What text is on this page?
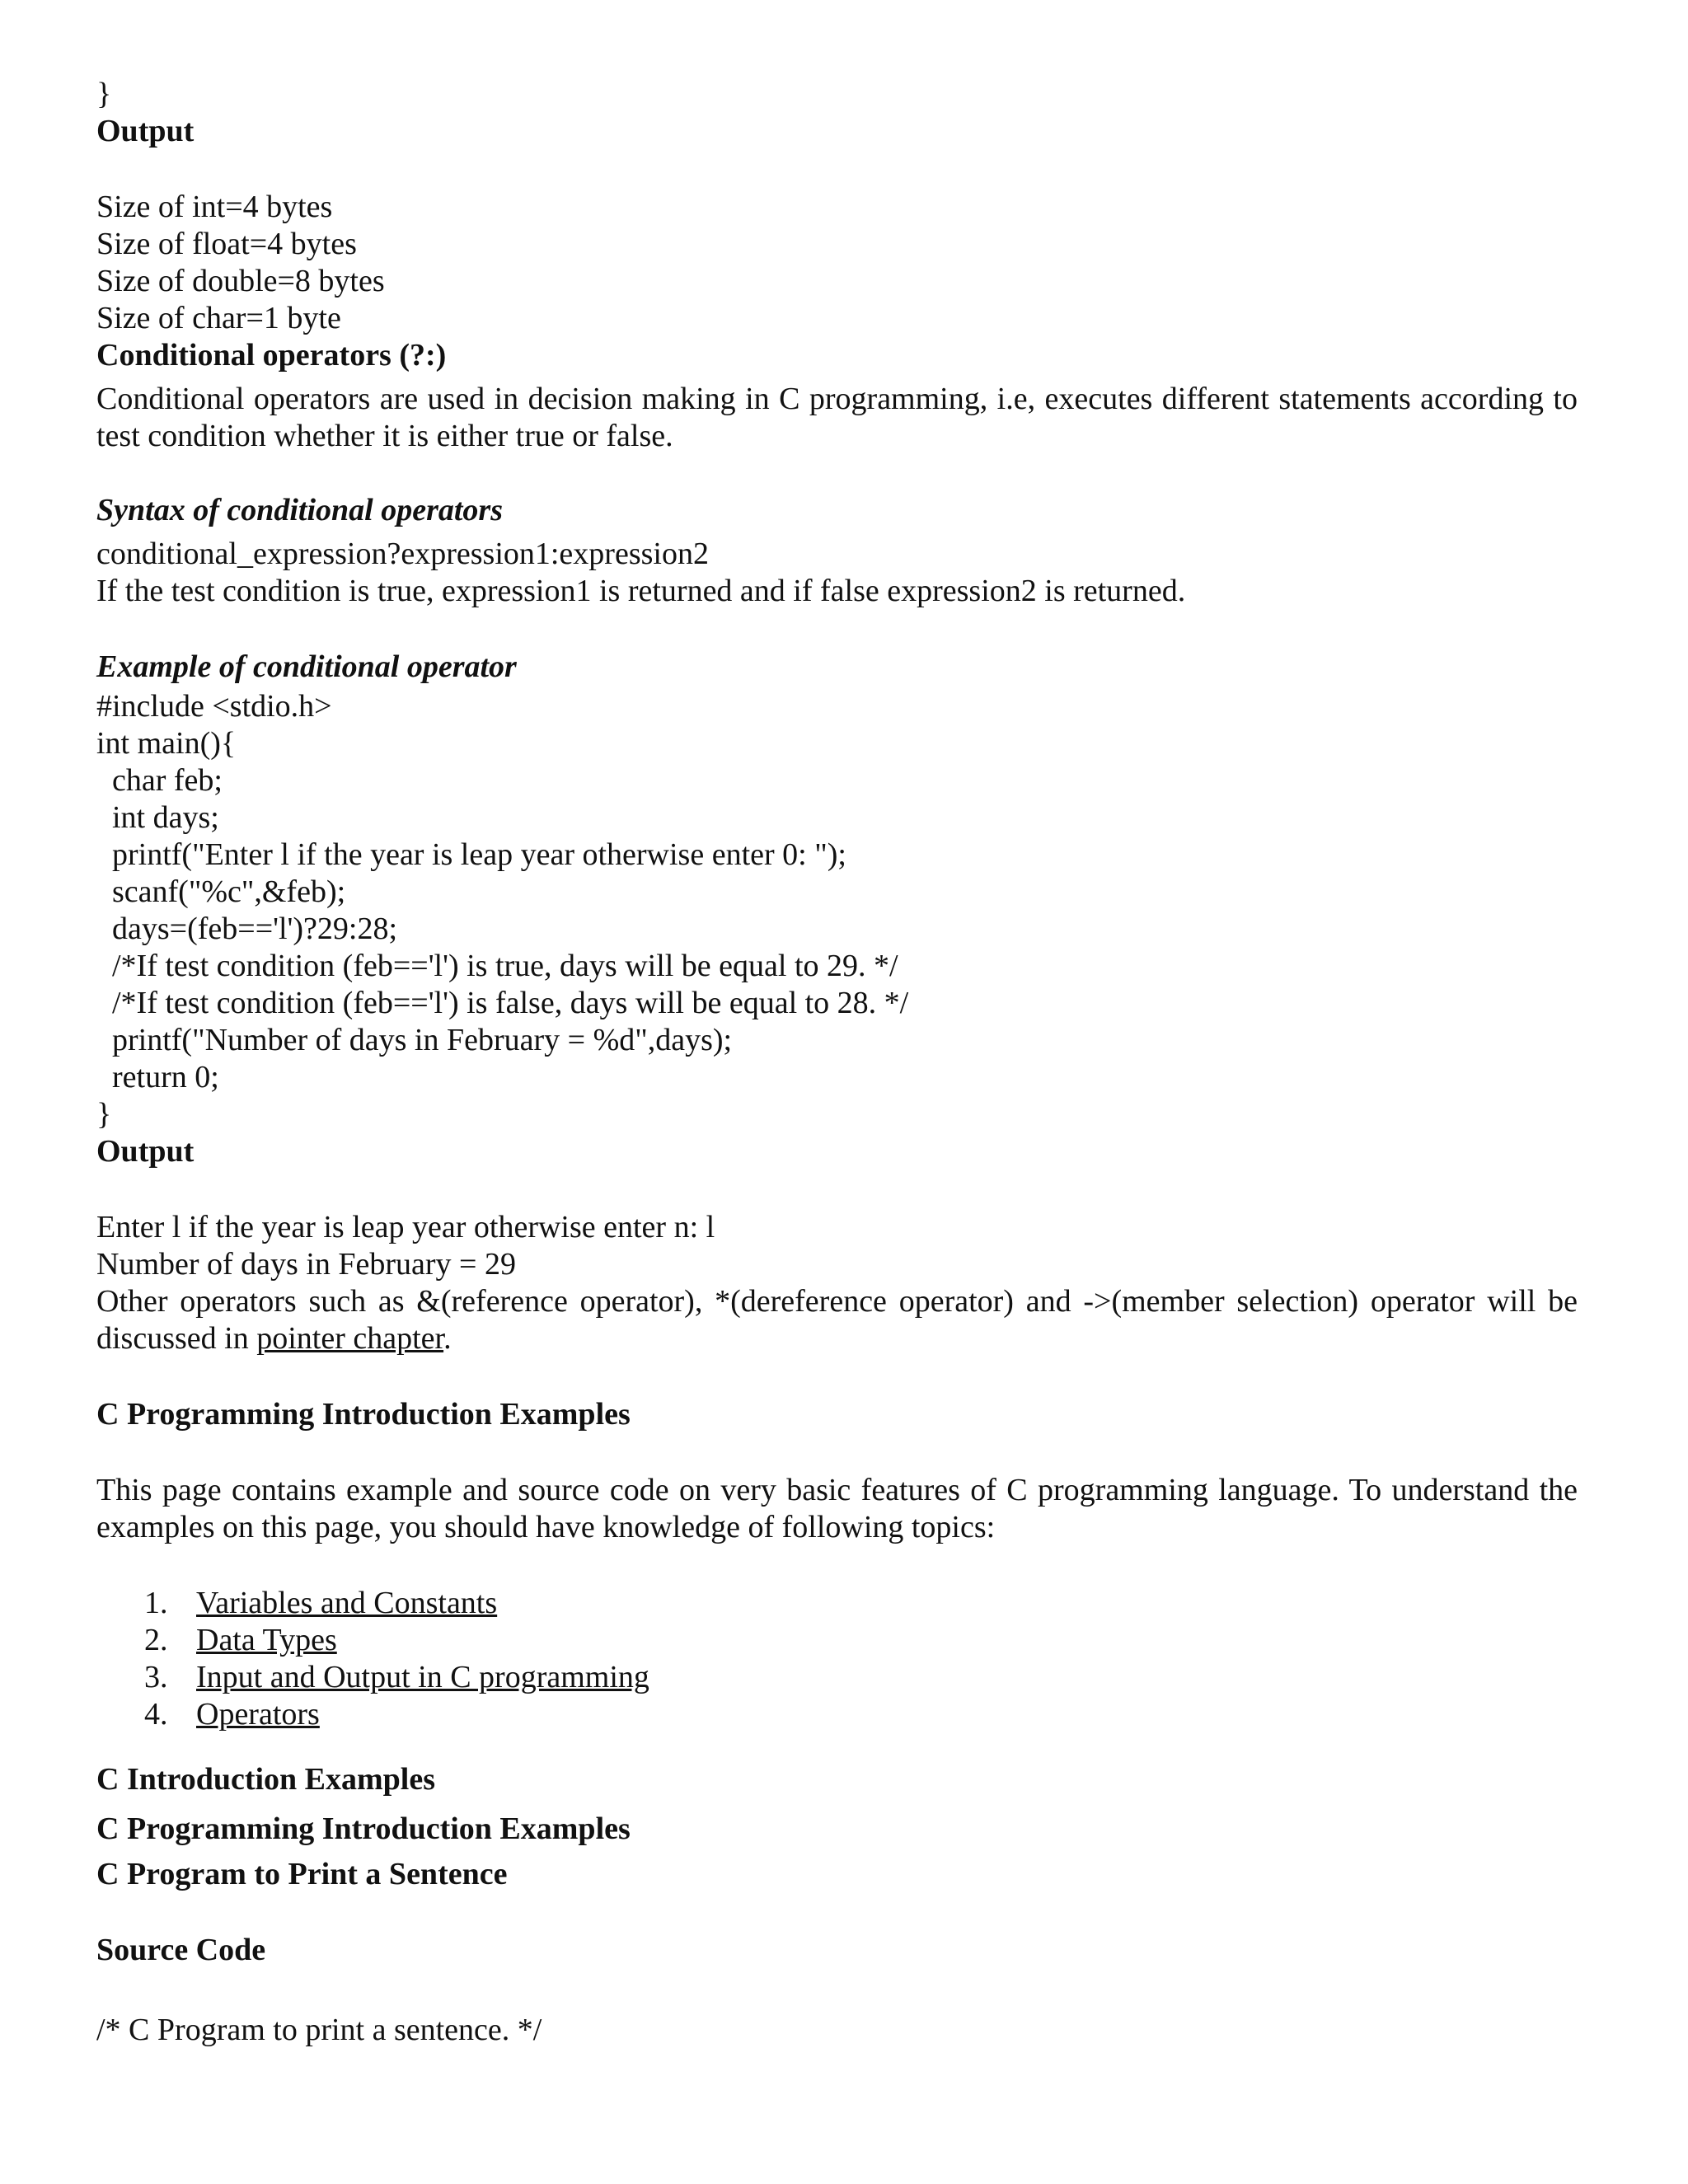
}

Output

Size of int=4 bytes

Size of float=4 bytes

Size of double=8 bytes

Size of char=1 byte

Conditional operators (?:)

Conditional operators are used in decision making in C programming, i.e, executes different statements according to test condition whether it is either true or false.

Syntax of conditional operators

conditional_expression?expression1:expression2

If the test condition is true, expression1 is returned and if false expression2 is returned.

Example of conditional operator

#include <stdio.h>

int main(){

char feb;

int days;

printf("Enter l if the year is leap year otherwise enter 0: ");

scanf("%c",&feb);

days=(feb=='l')?29:28;

/*If test condition (feb=='l') is true, days will be equal to 29. */

/*If test condition (feb=='l') is false, days will be equal to 28. */

printf("Number of days in February = %d",days);

return 0;

}

Output

Enter l if the year is leap year otherwise enter n: l

Number of days in February = 29

Other operators such as &(reference operator), *(dereference operator) and ->(member selection) operator will be discussed in pointer chapter.

C Programming Introduction Examples

This page contains example and source code on very basic features of C programming language. To understand the examples on this page, you should have knowledge of following topics:

1. Variables and Constants
2. Data Types
3. Input and Output in C programming
4. Operators

C Introduction Examples

C Programming Introduction Examples

C Program to Print a Sentence

Source Code

/* C Program to print a sentence. */
